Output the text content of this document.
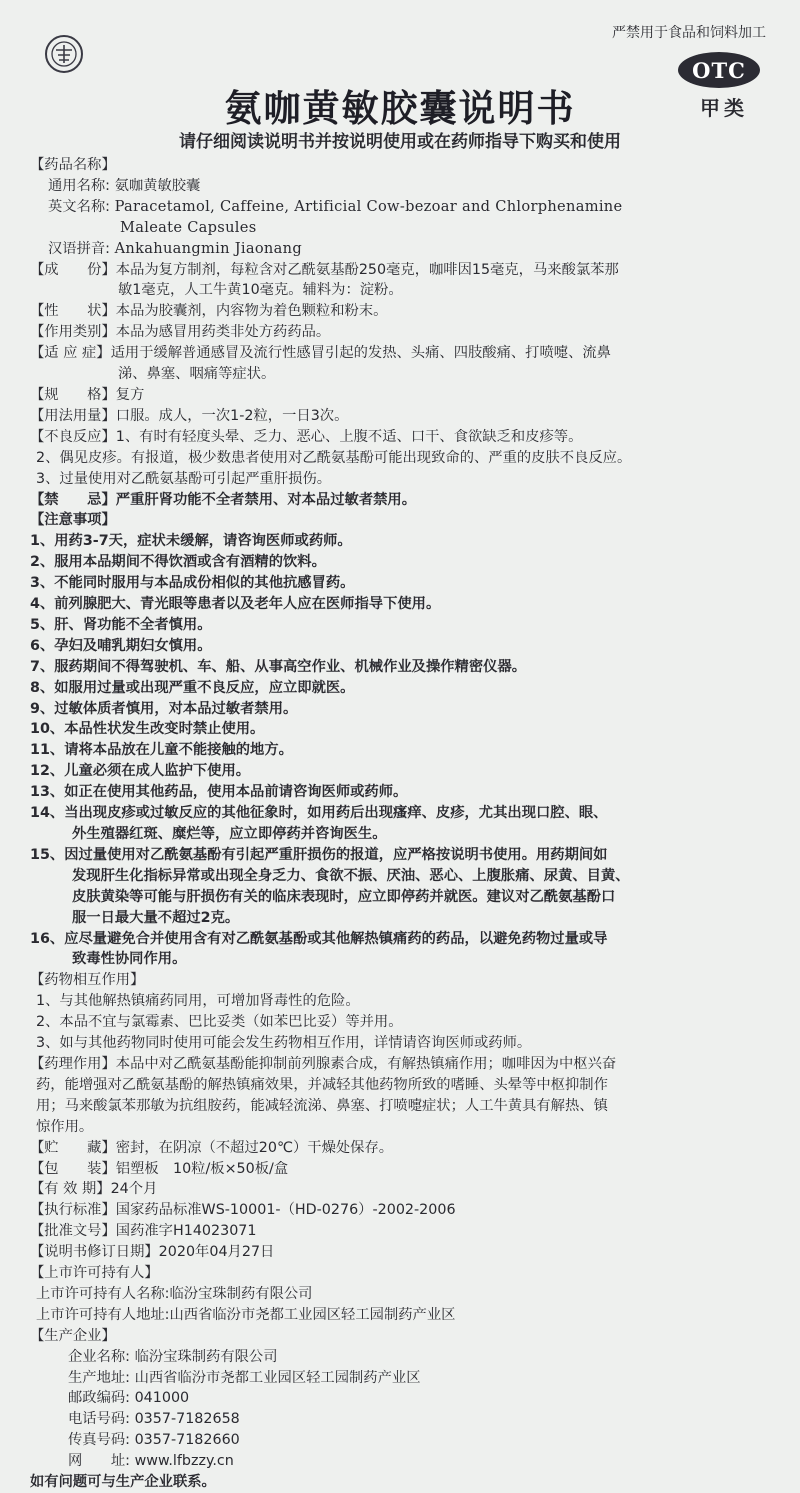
严禁用于食品和饲料加工
氨咖黄敏胶囊说明书
OTC
甲类
请仔细阅读说明书并按说明使用或在药师指导下购买和使用
【药品名称】
通用名称: 氨咖黄敏胶囊
英文名称: Paracetamol, Caffeine, Artificial Cow-bezoar and Chlorphenamine
Maleate Capsules
汉语拼音: Ankahuangmin Jiaonang
【成　　份】本品为复方制剂，每粒含对乙酰氨基酚250毫克，咖啡因15毫克，马来酸氯苯那
敏1毫克，人工牛黄10毫克。辅料为：淀粉。
【性　　状】本品为胶囊剂，内容物为着色颗粒和粉末。
【作用类别】本品为感冒用药类非处方药药品。
【适 应 症】适用于缓解普通感冒及流行性感冒引起的发热、头痛、四肢酸痛、打喷嚏、流鼻
涕、鼻塞、咽痛等症状。
【规　　格】复方
【用法用量】口服。成人，一次1-2粒，一日3次。
【不良反应】1、有时有轻度头晕、乏力、恶心、上腹不适、口干、食欲缺乏和皮疹等。
2、偶见皮疹。有报道，极少数患者使用对乙酰氨基酚可能出现致命的、严重的皮肤不良反应。
3、过量使用对乙酰氨基酚可引起严重肝损伤。
【禁　　忌】严重肝肾功能不全者禁用、对本品过敏者禁用。
【注意事项】
1、用药3-7天，症状未缓解，请咨询医师或药师。
2、服用本品期间不得饮酒或含有酒精的饮料。
3、不能同时服用与本品成份相似的其他抗感冒药。
4、前列腺肥大、青光眼等患者以及老年人应在医师指导下使用。
5、肝、肾功能不全者慎用。
6、孕妇及哺乳期妇女慎用。
7、服药期间不得驾驶机、车、船、从事高空作业、机械作业及操作精密仪器。
8、如服用过量或出现严重不良反应，应立即就医。
9、过敏体质者慎用，对本品过敏者禁用。
10、本品性状发生改变时禁止使用。
11、请将本品放在儿童不能接触的地方。
12、儿童必须在成人监护下使用。
13、如正在使用其他药品，使用本品前请咨询医师或药师。
14、当出现皮疹或过敏反应的其他征象时，如用药后出现瘙痒、皮疹，尤其出现口腔、眼、
外生殖器红斑、糜烂等，应立即停药并咨询医生。
15、因过量使用对乙酰氨基酚有引起严重肝损伤的报道，应严格按说明书使用。用药期间如
发现肝生化指标异常或出现全身乏力、食欲不振、厌油、恶心、上腹胀痛、尿黄、目黄、
皮肤黄染等可能与肝损伤有关的临床表现时，应立即停药并就医。建议对乙酰氨基酚口
服一日最大量不超过2克。
16、应尽量避免合并使用含有对乙酰氨基酚或其他解热镇痛药的药品，以避免药物过量或导
致毒性协同作用。
【药物相互作用】
1、与其他解热镇痛药同用，可增加肾毒性的危险。
2、本品不宜与氯霉素、巴比妥类（如苯巴比妥）等并用。
3、如与其他药物同时使用可能会发生药物相互作用，详情请咨询医师或药师。
【药理作用】本品中对乙酰氨基酚能抑制前列腺素合成，有解热镇痛作用；咖啡因为中枢兴奋
药，能增强对乙酰氨基酚的解热镇痛效果，并减轻其他药物所致的嗜睡、头晕等中枢抑制作
用；马来酸氯苯那敏为抗组胺药，能减轻流涕、鼻塞、打喷嚏症状；人工牛黄具有解热、镇
惊作用。
【贮　　藏】密封，在阴凉（不超过20℃）干燥处保存。
【包　　装】铝塑板　10粒/板×50板/盒
【有 效 期】24个月
【执行标准】国家药品标准WS-10001-（HD-0276）-2002-2006
【批准文号】国药准字H14023071
【说明书修订日期】2020年04月27日
【上市许可持有人】
上市许可持有人名称:临汾宝珠制药有限公司
上市许可持有人地址:山西省临汾市尧都工业园区轻工园制药产业区
【生产企业】
企业名称: 临汾宝珠制药有限公司
生产地址: 山西省临汾市尧都工业园区轻工园制药产业区
邮政编码: 041000
电话号码: 0357-7182658
传真号码: 0357-7182660
网　　址: www.lfbzzy.cn
如有问题可与生产企业联系。
